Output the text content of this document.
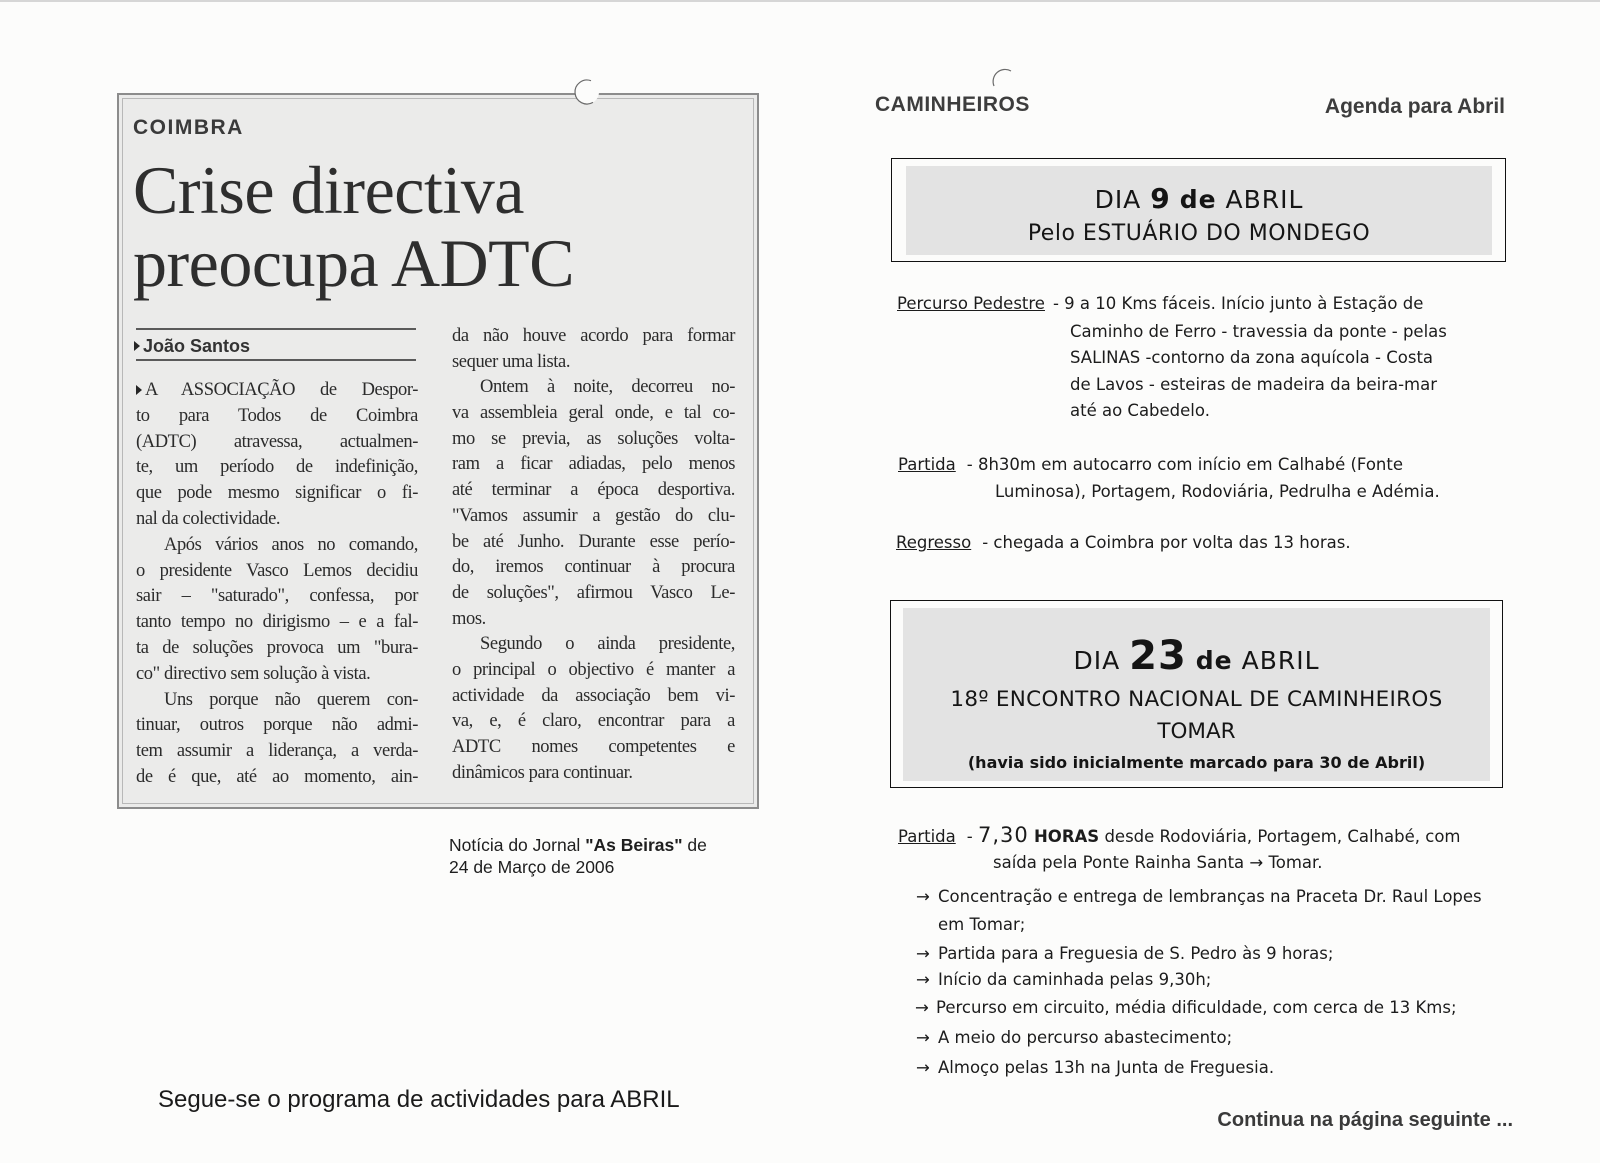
COIMBRA
Crise directiva
preocupa ADTC
João Santos
A ASSOCIAÇÃO de Despor-
to para Todos de Coimbra
(ADTC) atravessa, actualmen-
te, um período de indefinição,
que pode mesmo significar o fi-
nal da colectividade.
Após vários anos no comando,
o presidente Vasco Lemos decidiu
sair – "saturado", confessa, por
tanto tempo no dirigismo – e a fal-
ta de soluções provoca um "bura-
co" directivo sem solução à vista.
Uns porque não querem con-
tinuar, outros porque não admi-
tem assumir a liderança, a verda-
de é que, até ao momento, ain-
da não houve acordo para formar
sequer uma lista.
Ontem à noite, decorreu no-
va assembleia geral onde, e tal co-
mo se previa, as soluções volta-
ram a ficar adiadas, pelo menos
até terminar a época desportiva.
"Vamos assumir a gestão do clu-
be até Junho. Durante esse perío-
do, iremos continuar à procura
de soluções", afirmou Vasco Le-
mos.
Segundo o ainda presidente,
o principal o objectivo é manter a
actividade da associação bem vi-
va, e, é claro, encontrar para a
ADTC nomes competentes e
dinâmicos para continuar.
Notícia do Jornal "As Beiras" de
24 de Março de 2006
Segue-se o programa de actividades para ABRIL
CAMINHEIROS	Agenda para Abril
DIA 9 de ABRIL
Pelo ESTUÁRIO DO MONDEGO
Percurso Pedestre - 9 a 10 Kms fáceis. Início junto à Estação de
Caminho de Ferro - travessia da ponte - pelas
SALINAS -contorno da zona aquícola - Costa
de Lavos - esteiras de madeira da beira-mar
até ao Cabedelo.
Partida - 8h30m em autocarro com início em Calhabé (Fonte
Luminosa), Portagem, Rodoviária, Pedrulha e Adémia.
Regresso - chegada a Coimbra por volta das 13 horas.
DIA 23 de ABRIL
18º ENCONTRO NACIONAL DE CAMINHEIROS
TOMAR
(havia sido inicialmente marcado para 30 de Abril)
Partida - 7,30 HORAS desde Rodoviária, Portagem, Calhabé, com
saída pela Ponte Rainha Santa → Tomar.
→
Concentração e entrega de lembranças na Praceta Dr. Raul Lopes
em Tomar;
→
Partida para a Freguesia de S. Pedro às 9 horas;
→
Início da caminhada pelas 9,30h;
→
Percurso em circuito, média dificuldade, com cerca de 13 Kms;
→
A meio do percurso abastecimento;
→
Almoço pelas 13h na Junta de Freguesia.
Continua na página seguinte ...
